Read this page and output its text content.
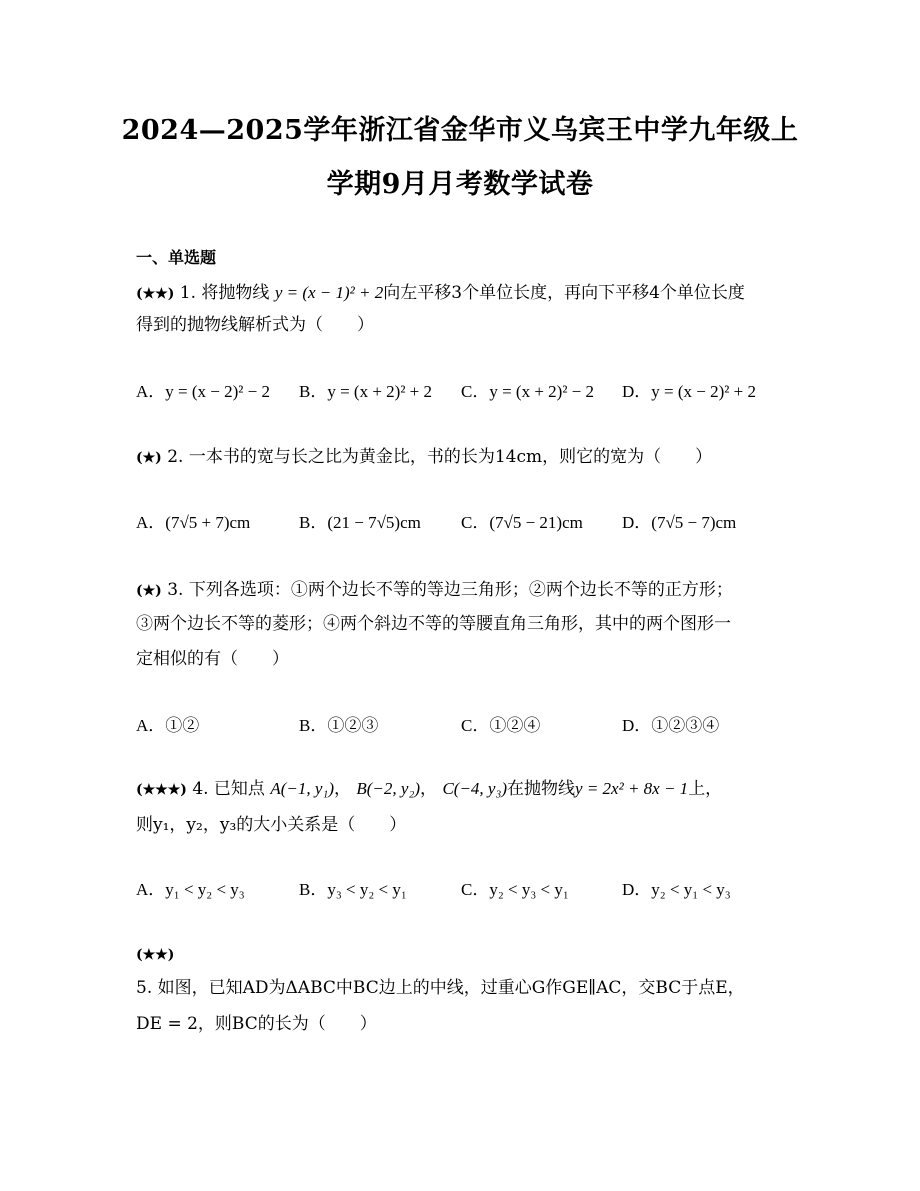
2024—2025学年浙江省金华市义乌宾王中学九年级上
学期9月月考数学试卷
一、单选题
(★★) 1. 将抛物线 y = (x − 1)² + 2向左平移3个单位长度，再向下平移4个单位长度
得到的抛物线解析式为（　　）
A．y = (x − 2)² − 2 B．y = (x + 2)² + 2 C．y = (x + 2)² − 2 D．y = (x − 2)² + 2
(★) 2. 一本书的宽与长之比为黄金比，书的长为14cm，则它的宽为（　　）
A．(7√5 + 7)cm	B．(21 − 7√5)cm C．(7√5 − 21)cm D．(7√5 − 7)cm
(★) 3. 下列各选项：①两个边长不等的等边三角形；②两个边长不等的正方形；
③两个边长不等的菱形；④两个斜边不等的等腰直角三角形，其中的两个图形一
定相似的有（　　）
A．①②	B．①②③	C．①②④	D．①②③④
(★★★) 4. 已知点 A(−1, y₁)， B(−2, y₂)， C(−4, y₃)在抛物线y = 2x² + 8x − 1上，
则y₁，y₂，y₃的大小关系是（　　）
A．y₁ < y₂ < y₃	B．y₃ < y₂ < y₁	C．y₂ < y₃ < y₁	D．y₂ < y₁ < y₃
(★★)
5. 如图，已知AD为ΔABC中BC边上的中线，过重心G作GE∥AC，交BC于点E，
DE = 2，则BC的长为（　　）
